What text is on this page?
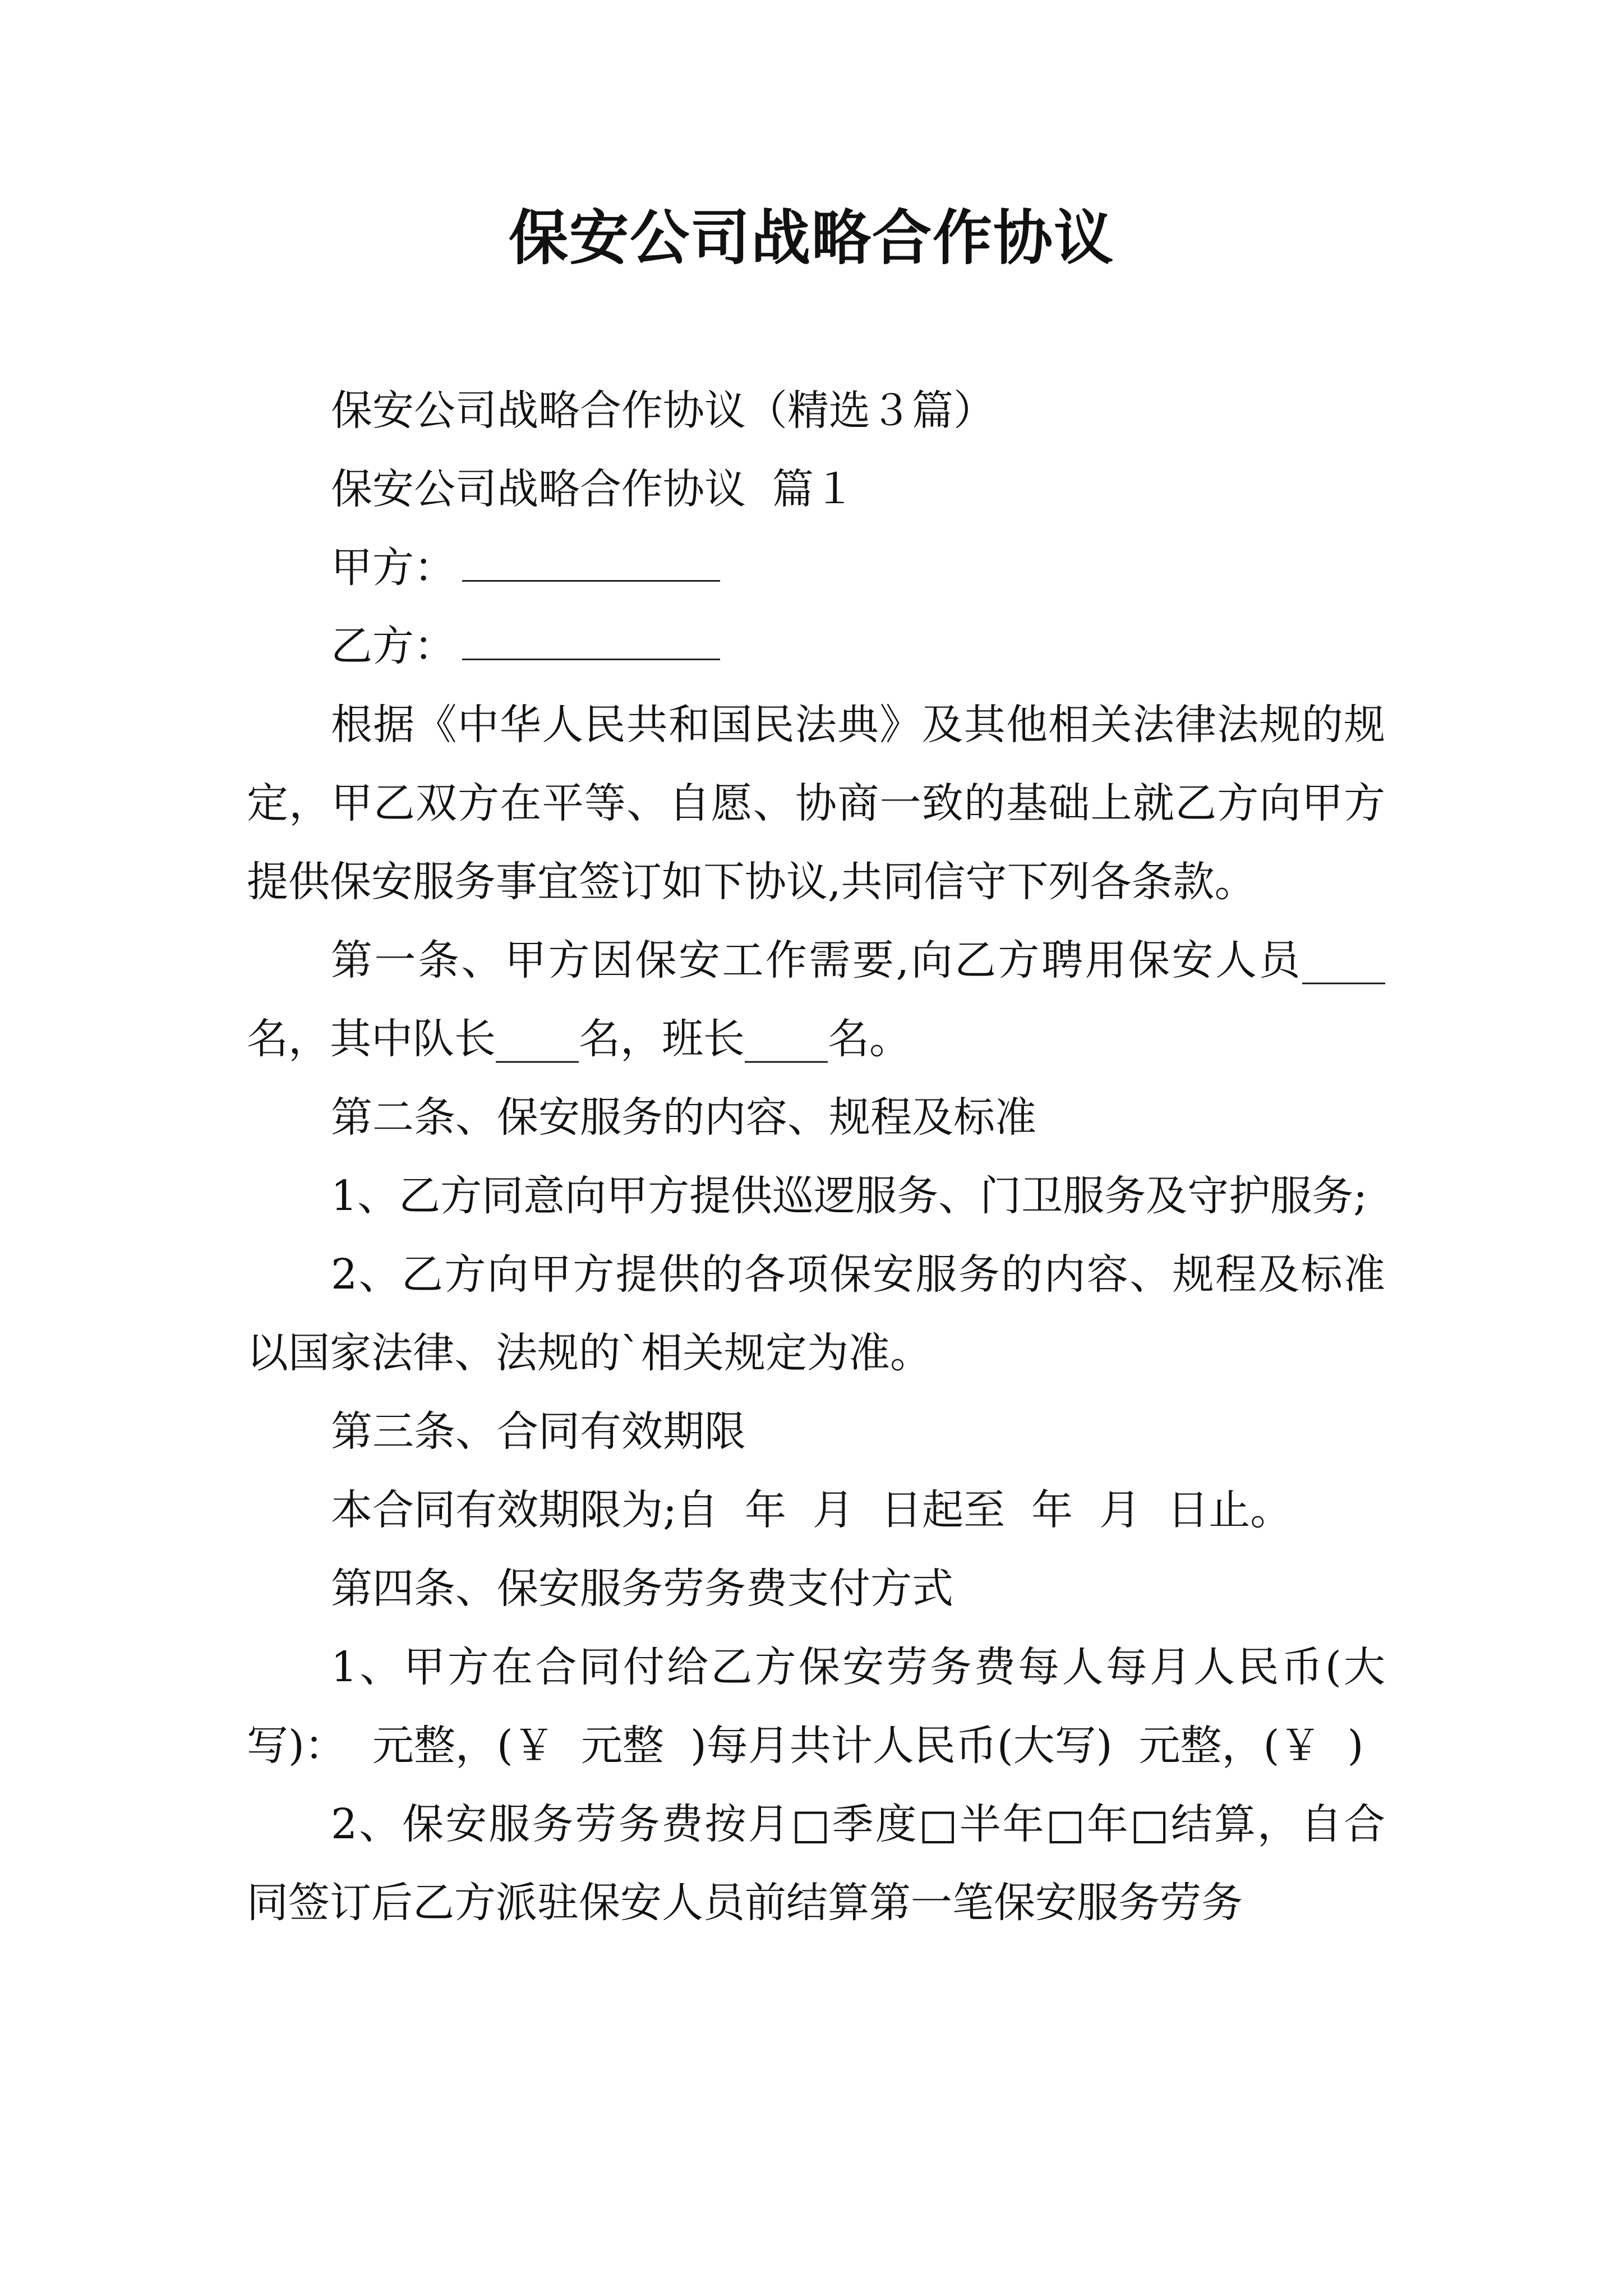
保安公司战略合作协议

保安公司战略合作协议（精选３篇）

保安公司战略合作协议  篇１

甲方：

乙方：

根据《中华人民共和国民法典》及其他相关法律法规的规定，甲乙双方在平等、自愿、协商一致的基础上就乙方向甲方提供保安服务事宜签订如下协议,共同信守下列各条款。

第一条、甲方因保安工作需要,向乙方聘用保安人员____名，其中队长____名，班长____名。

第二条、保安服务的内容、规程及标准

1、乙方同意向甲方提供巡逻服务、门卫服务及守护服务;

2、乙方向甲方提供的各项保安服务的内容、规程及标准以国家法律、法规的`相关规定为准。

第三条、合同有效期限

本合同有效期限为;自  年  月  日起至  年  月  日止。

第四条、保安服务劳务费支付方式

1、甲方在合同付给乙方保安劳务费每人每月人民币(大写)：  元整，(￥  元整  )每月共计人民币(大写)  元整，(￥  )

2、保安服务劳务费按月□季度□半年□年□结算，自合同签订后乙方派驻保安人员前结算第一笔保安服务劳务
